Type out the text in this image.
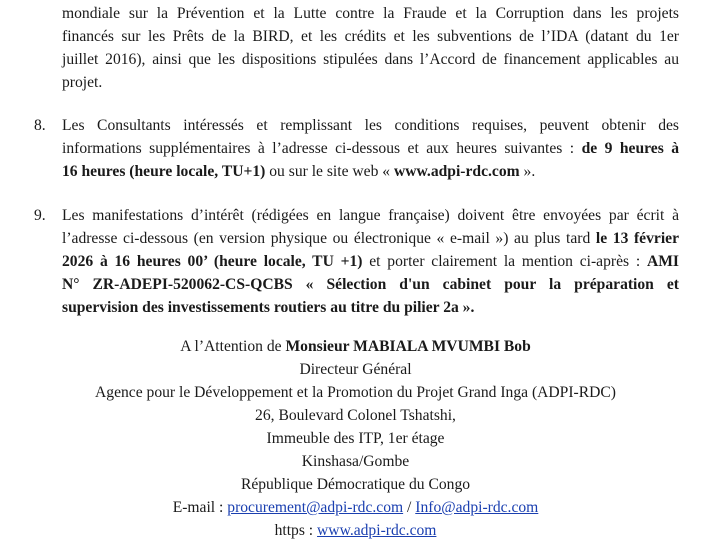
mondiale sur la Prévention et la Lutte contre la Fraude et la Corruption dans les projets
financés sur les Prêts de la BIRD, et les crédits et les subventions de l’IDA (datant du 1er
juillet 2016), ainsi que les dispositions stipulées dans l’Accord de financement applicables au
projet.
8. Les Consultants intéressés et remplissant les conditions requises, peuvent obtenir des
informations supplémentaires à l’adresse ci-dessous et aux heures suivantes : de 9 heures à
16 heures (heure locale, TU+1) ou sur le site web « www.adpi-rdc.com ».
9. Les manifestations d’intérêt (rédigées en langue française) doivent être envoyées par écrit à
l’adresse ci-dessous (en version physique ou électronique « e-mail ») au plus tard le 13 février
2026 à 16 heures 00’ (heure locale, TU +1) et porter clairement la mention ci-après : AMI
N° ZR-ADEPI-520062-CS-QCBS « Sélection d'un cabinet pour la préparation et
supervision des investissements routiers au titre du pilier 2a ».
A l’Attention de Monsieur MABIALA MVUMBI Bob
Directeur Général
Agence pour le Développement et la Promotion du Projet Grand Inga (ADPI-RDC)
26, Boulevard Colonel Tshatshi,
Immeuble des ITP, 1er étage
Kinshasa/Gombe
République Démocratique du Congo
E-mail : procurement@adpi-rdc.com / Info@adpi-rdc.com
https : www.adpi-rdc.com
